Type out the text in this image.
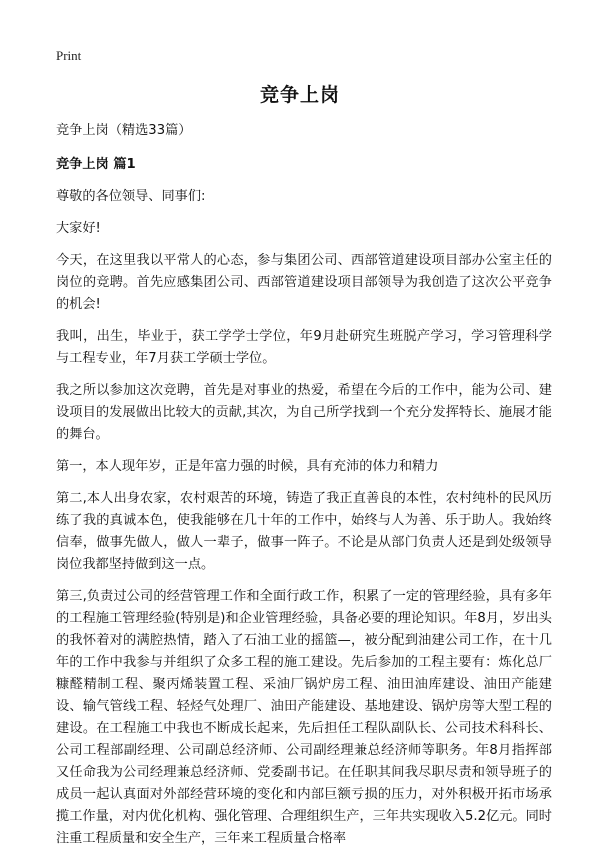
Print
竞争上岗

竞争上岗（精选33篇）

竞争上岗 篇1

尊敬的各位领导、同事们:

大家好!

今天，在这里我以平常人的心态，参与集团公司、西部管道建设项目部办公室主任的岗位的竞聘。首先应感集团公司、西部管道建设项目部领导为我创造了这次公平竞争的机会!

我叫，出生，毕业于，获工学学士学位，年9月赴研究生班脱产学习，学习管理科学与工程专业，年7月获工学硕士学位。

我之所以参加这次竞聘，首先是对事业的热爱，希望在今后的工作中，能为公司、建设项目的发展做出比较大的贡献,其次，为自己所学找到一个充分发挥特长、施展才能的舞台。

第一，本人现年岁，正是年富力强的时候，具有充沛的体力和精力

第二,本人出身农家，农村艰苦的环境，铸造了我正直善良的本性，农村纯朴的民风历练了我的真诚本色，使我能够在几十年的工作中，始终与人为善、乐于助人。我始终信奉，做事先做人，做人一辈子，做事一阵子。不论是从部门负责人还是到处级领导岗位我都坚持做到这一点。

第三,负责过公司的经营管理工作和全面行政工作，积累了一定的管理经验，具有多年的工程施工管理经验(特别是)和企业管理经验，具备必要的理论知识。年8月，岁出头的我怀着对的满腔热情，踏入了石油工业的摇篮—，被分配到油建公司工作，在十几年的工作中我参与并组织了众多工程的施工建设。先后参加的工程主要有：炼化总厂糠醛精制工程、聚丙烯装置工程、采油厂锅炉房工程、油田油库建设、油田产能建设、输气管线工程、轻烃气处理厂、油田产能建设、基地建设、锅炉房等大型工程的建设。在工程施工中我也不断成长起来，先后担任工程队副队长、公司技术科科长、公司工程部副经理、公司副总经济师、公司副经理兼总经济师等职务。年8月指挥部又任命我为公司经理兼总经济师、党委副书记。在任职其间我尽职尽责和领导班子的成员一起认真面对外部经营环境的变化和内部巨额亏损的压力，对外积极开拓市场承揽工作量，对内优化机构、强化管理、合理组织生产，三年共实现收入5.2亿元。同时注重工程质量和安全生产，三年来工程质量合格率
